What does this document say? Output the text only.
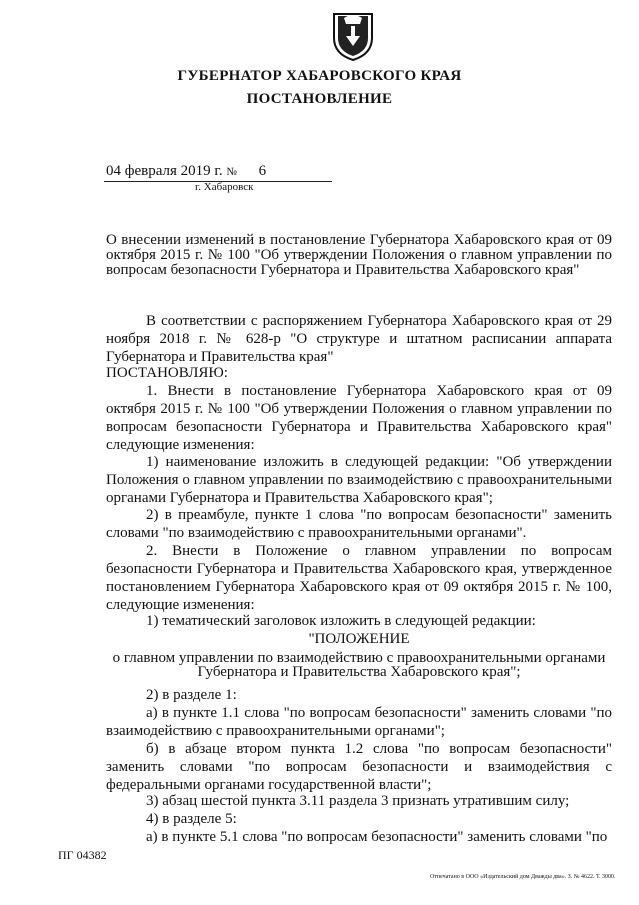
ГУБЕРНАТОР ХАБАРОВСКОГО КРАЯ
ПОСТАНОВЛЕНИЕ
04 февраля 2019 г. № 6
г. Хабаровск
О внесении изменений в постановление Губернатора Хабаровского края от 09 октября 2015 г. № 100 "Об утверждении Положения о главном управлении по вопросам безопасности Губернатора и Правительства Хабаровского края"
В соответствии с распоряжением Губернатора Хабаровского края от 29 ноября 2018 г. № 628-р "О структуре и штатном расписании аппарата Губернатора и Правительства края"
ПОСТАНОВЛЯЮ:
1. Внести в постановление Губернатора Хабаровского края от 09 октября 2015 г. № 100 "Об утверждении Положения о главном управлении по вопросам безопасности Губернатора и Правительства Хабаровского края" следующие изменения:
1) наименование изложить в следующей редакции: "Об утверждении Положения о главном управлении по взаимодействию с правоохранительными органами Губернатора и Правительства Хабаровского края";
2) в преамбуле, пункте 1 слова "по вопросам безопасности" заменить словами "по взаимодействию с правоохранительными органами".
2. Внести в Положение о главном управлении по вопросам безопасности Губернатора и Правительства Хабаровского края, утвержденное постановлением Губернатора Хабаровского края от 09 октября 2015 г. № 100, следующие изменения:
1) тематический заголовок изложить в следующей редакции:
"ПОЛОЖЕНИЕ
о главном управлении по взаимодействию с правоохранительными органами Губернатора и Правительства Хабаровского края";
2) в разделе 1:
а) в пункте 1.1 слова "по вопросам безопасности" заменить словами "по взаимодействию с правоохранительными органами";
б) в абзаце втором пункта 1.2 слова "по вопросам безопасности" заменить словами "по вопросам безопасности и взаимодействия с федеральными органами государственной власти";
3) абзац шестой пункта 3.11 раздела 3 признать утратившим силу;
4) в разделе 5:
а) в пункте 5.1 слова "по вопросам безопасности" заменить словами "по
ПГ 04382
Отпечатано в ООО «Издательский дом Дважды два». З. № 4622. Т. 3000.
